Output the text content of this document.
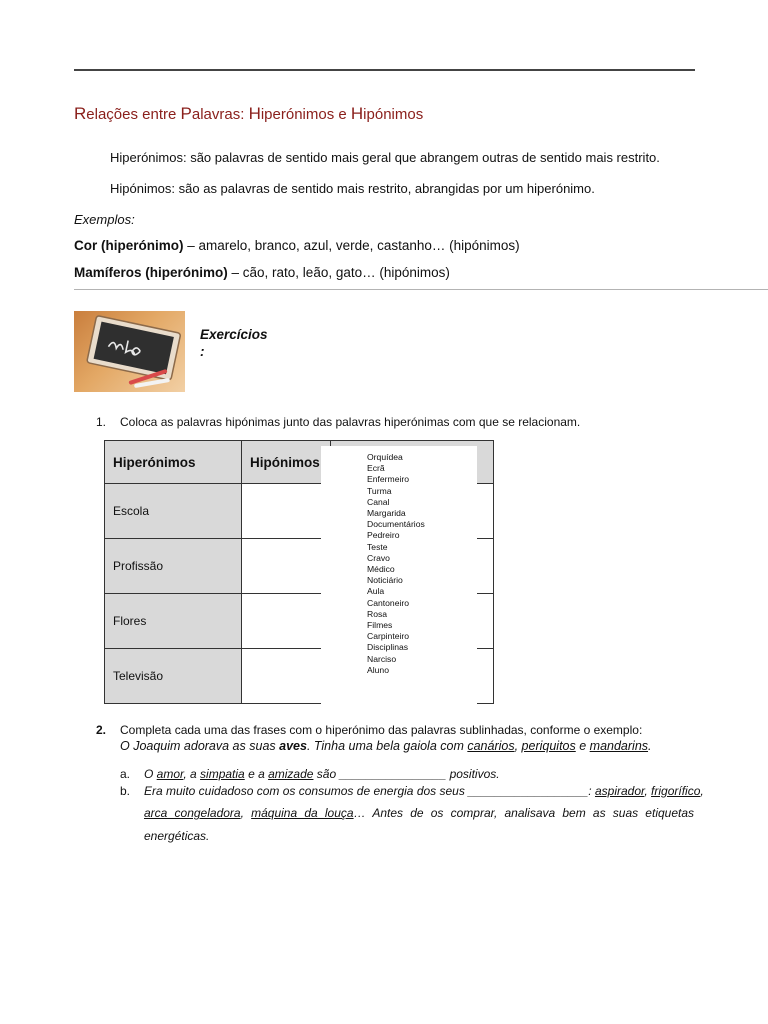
Relações entre Palavras: Hiperónimos e Hipónimos
Hiperónimos: são palavras de sentido mais geral que abrangem outras de sentido mais restrito.
Hipónimos: são as palavras de sentido mais restrito, abrangidas por um hiperónimo.
Exemplos:
Cor (hiperónimo) – amarelo, branco, azul, verde, castanho… (hipónimos)
Mamíferos (hiperónimo) – cão, rato, leão, gato… (hipónimos)
Exercícios
:
1. Coloca as palavras hipónimas junto das palavras hiperónimas com que se relacionam.
Hiperónimos	Hipónimos	
Escola		
Profissão		
Flores		
Televisão		
Orquídea
Ecrã
Enfermeiro
Turma
Canal
Margarida
Documentários
Pedreiro
Teste
Cravo
Médico
Noticiário
Aula
Cantoneiro
Rosa
Filmes
Carpinteiro
Disciplinas
Narciso
Aluno
2. Completa cada uma das frases com o hiperónimo das palavras sublinhadas, conforme o exemplo:
O Joaquim adorava as suas aves. Tinha uma bela gaiola com canários, periquitos e mandarins.
a. O amor, a simpatia e a amizade são ________________ positivos.
b. Era muito cuidadoso com os consumos de energia dos seus __________________: aspirador, frigorífico,
arca congeladora, máquina da louça… Antes de os comprar, analisava bem as suas etiquetas
energéticas.
